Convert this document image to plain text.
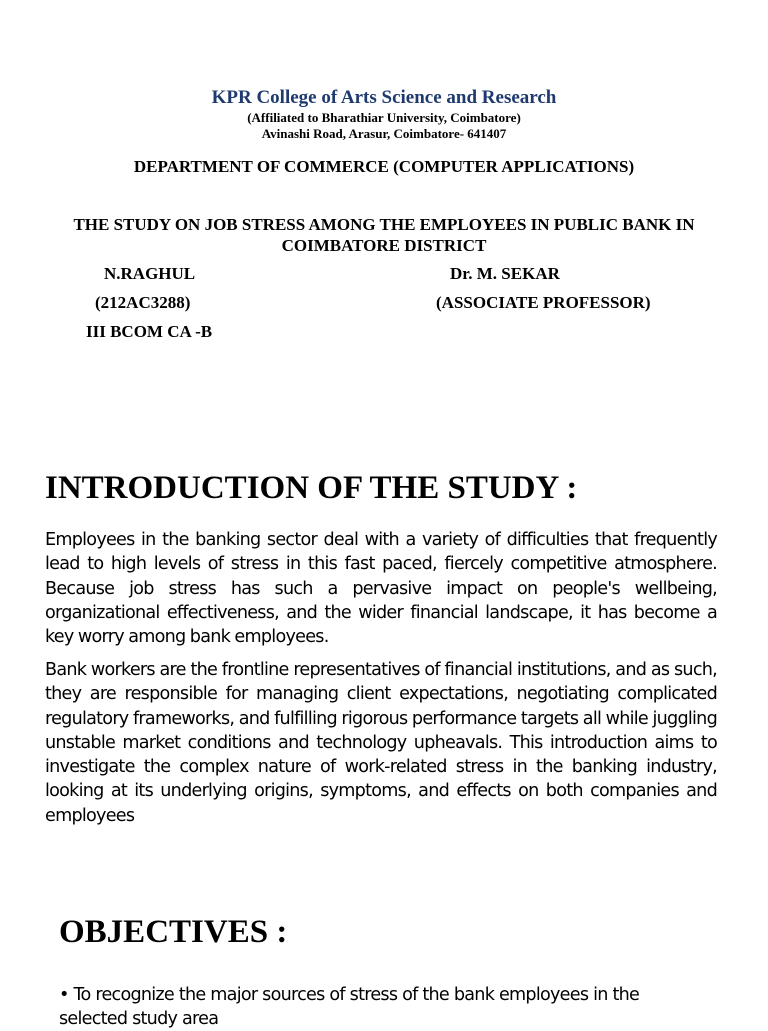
KPR College of Arts Science and Research
(Affiliated to Bharathiar University, Coimbatore)
Avinashi Road, Arasur, Coimbatore- 641407
DEPARTMENT OF COMMERCE (COMPUTER APPLICATIONS)
THE STUDY ON JOB STRESS AMONG THE EMPLOYEES IN PUBLIC BANK IN COIMBATORE DISTRICT
N.RAGHUL
(212AC3288)
III BCOM CA -B
Dr. M. SEKAR
(ASSOCIATE PROFESSOR)
INTRODUCTION OF THE STUDY :

Employees in the banking sector deal with a variety of difficulties that frequently lead to high levels of stress in this fast paced, fiercely competitive atmosphere. Because job stress has such a pervasive impact on people's wellbeing, organizational effectiveness, and the wider financial landscape, it has become a key worry among bank employees.

Bank workers are the frontline representatives of financial institutions, and as such, they are responsible for managing client expectations, negotiating complicated regulatory frameworks, and fulfilling rigorous performance targets all while juggling unstable market conditions and technology upheavals. This introduction aims to investigate the complex nature of work-related stress in the banking industry, looking at its underlying origins, symptoms, and effects on both companies and employees

OBJECTIVES :
• To recognize the major sources of stress of the bank employees in the selected study area
